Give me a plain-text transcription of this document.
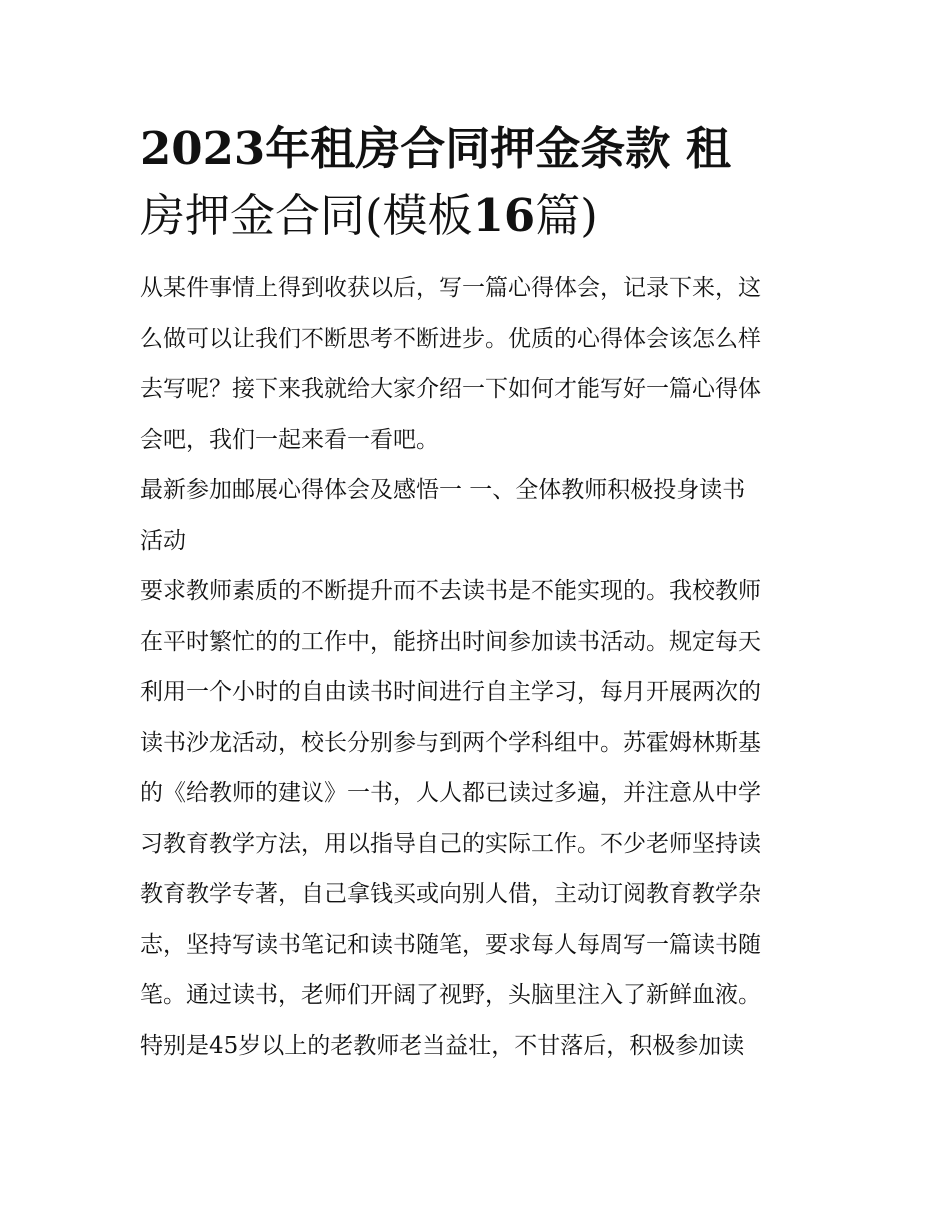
2023年租房合同押金条款 租
房押金合同(模板16篇)

从某件事情上得到收获以后，写一篇心得体会，记录下来，这
么做可以让我们不断思考不断进步。优质的心得体会该怎么样
去写呢？接下来我就给大家介绍一下如何才能写好一篇心得体
会吧，我们一起来看一看吧。

最新参加邮展心得体会及感悟一 一、全体教师积极投身读书
活动

要求教师素质的不断提升而不去读书是不能实现的。我校教师
在平时繁忙的的工作中，能挤出时间参加读书活动。规定每天
利用一个小时的自由读书时间进行自主学习，每月开展两次的
读书沙龙活动，校长分别参与到两个学科组中。苏霍姆林斯基
的《给教师的建议》一书，人人都已读过多遍，并注意从中学
习教育教学方法，用以指导自己的实际工作。不少老师坚持读
教育教学专著，自己拿钱买或向别人借，主动订阅教育教学杂
志，坚持写读书笔记和读书随笔，要求每人每周写一篇读书随
笔。通过读书，老师们开阔了视野，头脑里注入了新鲜血液。
特别是45岁以上的老教师老当益壮，不甘落后，积极参加读
